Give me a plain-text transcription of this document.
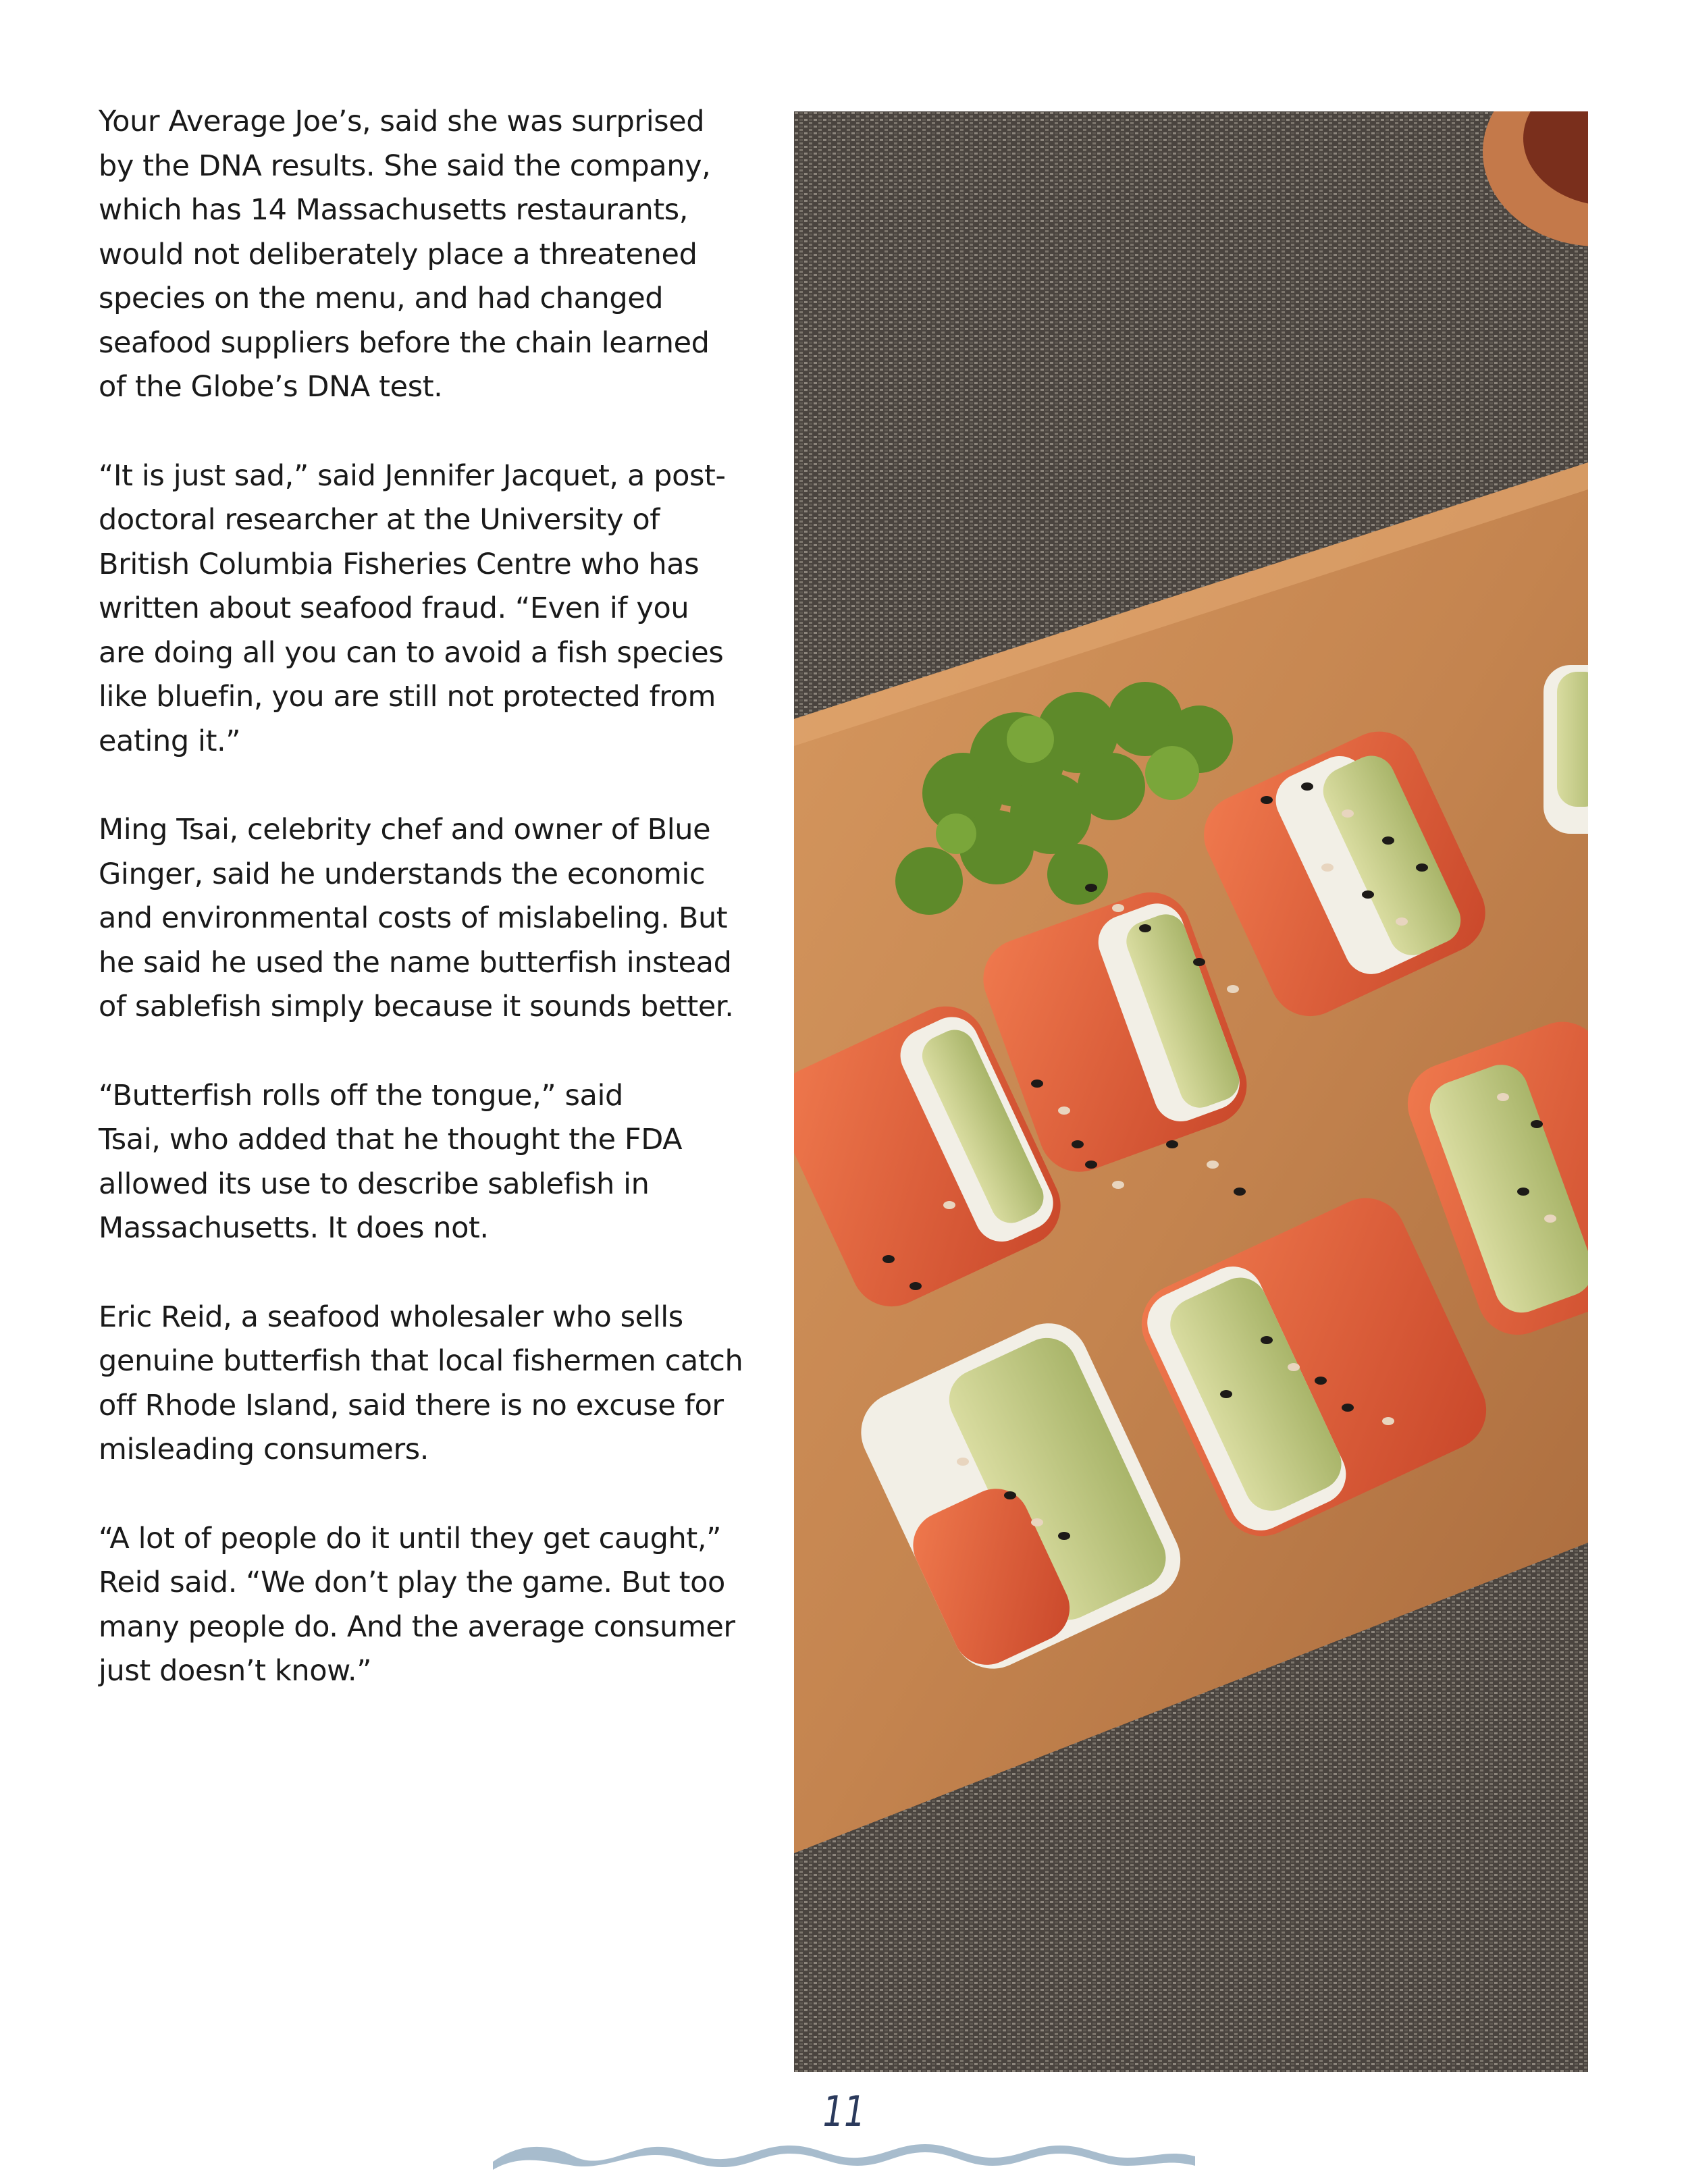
Your Average Joe’s, said she was surprised
by the DNA results. She said the company,
which has 14 Massachusetts restaurants,
would not deliberately place a threatened
species on the menu, and had changed
seafood suppliers before the chain learned
of the Globe’s DNA test.

“It is just sad,” said Jennifer Jacquet, a post-
doctoral researcher at the University of
British Columbia Fisheries Centre who has
written about seafood fraud. “Even if you
are doing all you can to avoid a fish species
like bluefin, you are still not protected from
eating it.”

Ming Tsai, celebrity chef and owner of Blue
Ginger, said he understands the economic
and environmental costs of mislabeling. But
he said he used the name butterfish instead
of sablefish simply because it sounds better.

“Butterfish rolls off the tongue,” said
Tsai, who added that he thought the FDA
allowed its use to describe sablefish in
Massachusetts. It does not.

Eric Reid, a seafood wholesaler who sells
genuine butterfish that local fishermen catch
off Rhode Island, said there is no excuse for
misleading consumers.

“A lot of people do it until they get caught,”
Reid said. “We don’t play the game. But too
many people do. And the average consumer
just doesn’t know.”

11
